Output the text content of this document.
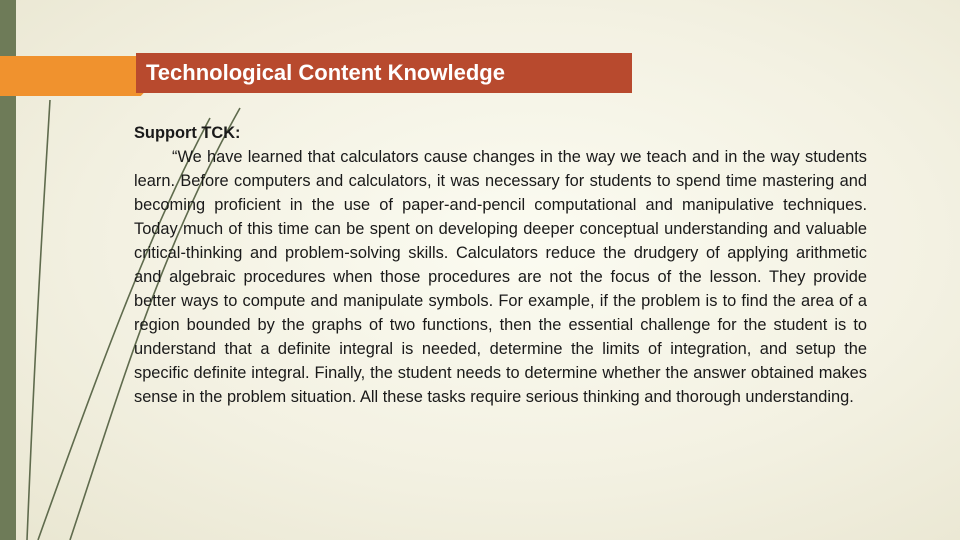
Technological Content Knowledge
Support TCK:
“We have learned that calculators cause changes in the way we teach and in the way students learn. Before computers and calculators, it was necessary for students to spend time mastering and becoming proficient in the use of paper-and-pencil computational and manipulative techniques. Today much of this time can be spent on developing deeper conceptual understanding and valuable critical-thinking and problem-solving skills. Calculators reduce the drudgery of applying arithmetic and algebraic procedures when those procedures are not the focus of the lesson. They provide better ways to compute and manipulate symbols. For example, if the problem is to find the area of a region bounded by the graphs of two functions, then the essential challenge for the student is to understand that a definite integral is needed, determine the limits of integration, and setup the specific definite integral. Finally, the student needs to determine whether the answer obtained makes sense in the problem situation. All these tasks require serious thinking and thorough understanding.
